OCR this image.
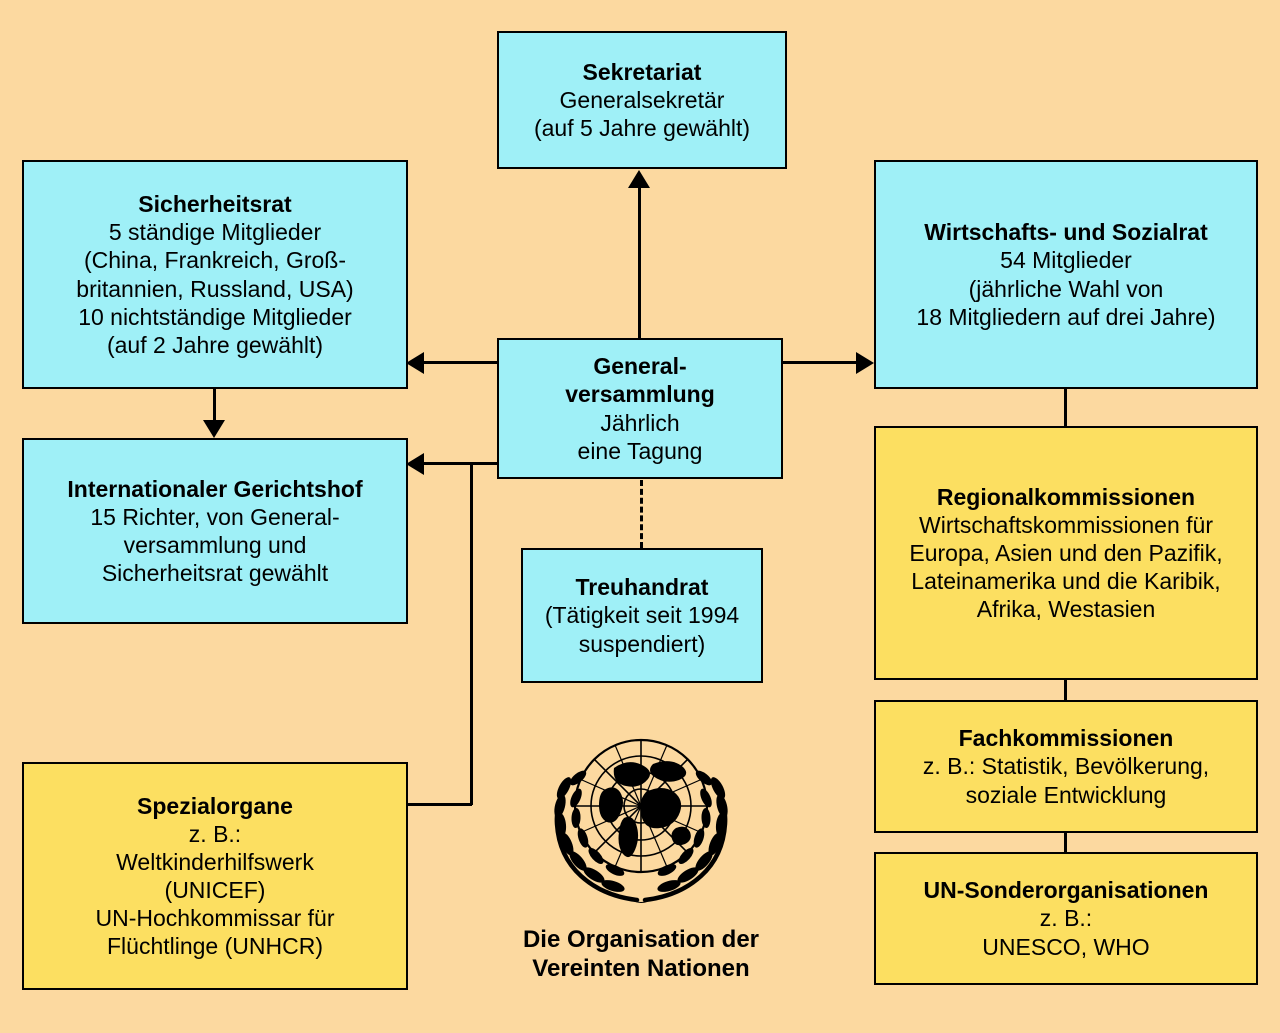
Sekretariat
Generalsekretär
(auf 5 Jahre gewählt)
Sicherheitsrat
5 ständige Mitglieder
(China, Frankreich, Groß-
britannien, Russland, USA)
10 nichtständige Mitglieder
(auf 2 Jahre gewählt)
Wirtschafts- und Sozialrat
54 Mitglieder
(jährliche Wahl von
18 Mitgliedern auf drei Jahre)
General-
versammlung
Jährlich
eine Tagung
Internationaler Gerichtshof
15 Richter, von General-
versammlung und
Sicherheitsrat gewählt
Treuhandrat
(Tätigkeit seit 1994
suspendiert)
Regionalkommissionen
Wirtschaftskommissionen für
Europa, Asien und den Pazifik,
Lateinamerika und die Karibik,
Afrika, Westasien
Fachkommissionen
z. B.: Statistik, Bevölkerung,
soziale Entwicklung
UN-Sonderorganisationen
z. B.:
UNESCO, WHO
Spezialorgane
z. B.:
Weltkinderhilfswerk
(UNICEF)
UN-Hochkommissar für
Flüchtlinge (UNHCR)	Die Organisation der
Vereinten Nationen
